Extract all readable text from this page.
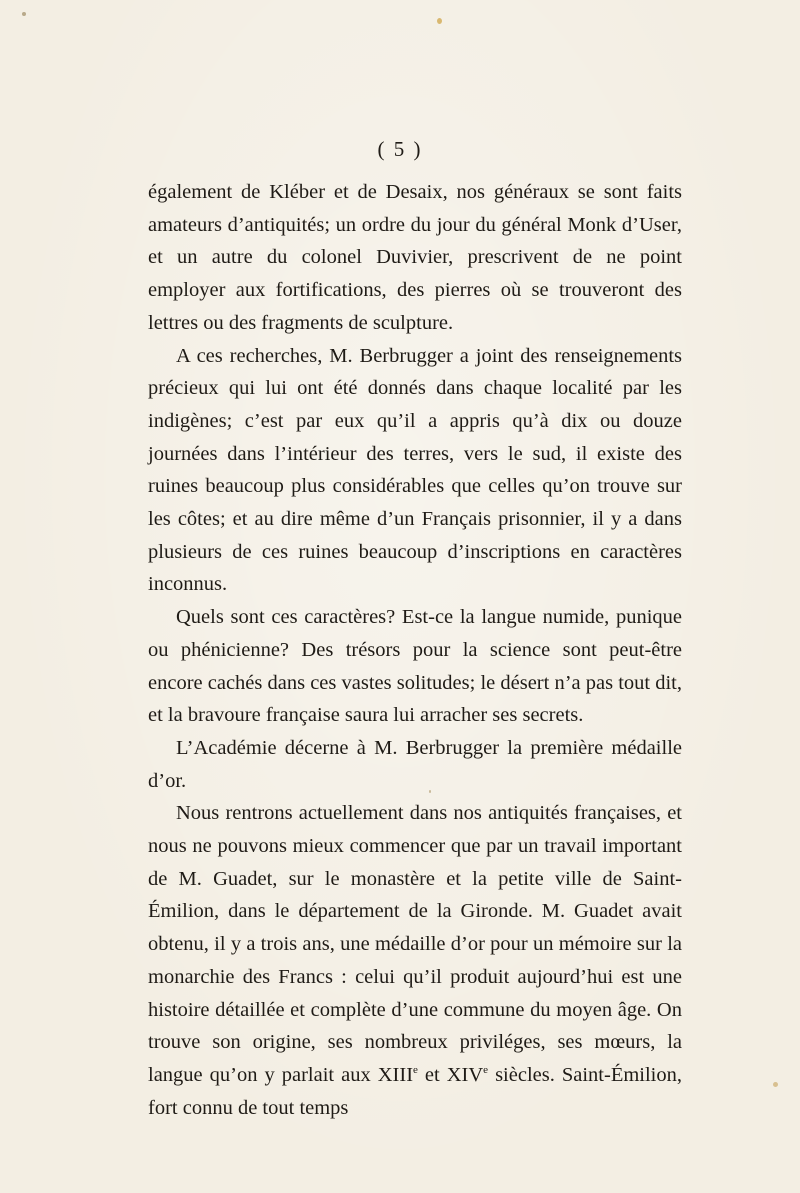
( 5 )

également de Kléber et de Desaix, nos généraux se sont faits amateurs d’antiquités; un ordre du jour du général Monk d’User, et un autre du colonel Duvivier, prescrivent de ne point employer aux fortifications, des pierres où se trouveront des lettres ou des fragments de sculpture.

A ces recherches, M. Berbrugger a joint des renseignements précieux qui lui ont été donnés dans chaque localité par les indigènes; c’est par eux qu’il a appris qu’à dix ou douze journées dans l’intérieur des terres, vers le sud, il existe des ruines beaucoup plus considérables que celles qu’on trouve sur les côtes; et au dire même d’un Français prisonnier, il y a dans plusieurs de ces ruines beaucoup d’inscriptions en caractères inconnus.

Quels sont ces caractères? Est-ce la langue numide, punique ou phénicienne? Des trésors pour la science sont peut-être encore cachés dans ces vastes solitudes; le désert n’a pas tout dit, et la bravoure française saura lui arracher ses secrets.

L’Académie décerne à M. Berbrugger la première médaille d’or.

Nous rentrons actuellement dans nos antiquités françaises, et nous ne pouvons mieux commencer que par un travail important de M. Guadet, sur le monastère et la petite ville de Saint-Émilion, dans le département de la Gironde. M. Guadet avait obtenu, il y a trois ans, une médaille d’or pour un mémoire sur la monarchie des Francs : celui qu’il produit aujourd’hui est une histoire détaillée et complète d’une commune du moyen âge. On trouve son origine, ses nombreux priviléges, ses mœurs, la langue qu’on y parlait aux XIIIe et XIVe siècles. Saint-Émilion, fort connu de tout temps
